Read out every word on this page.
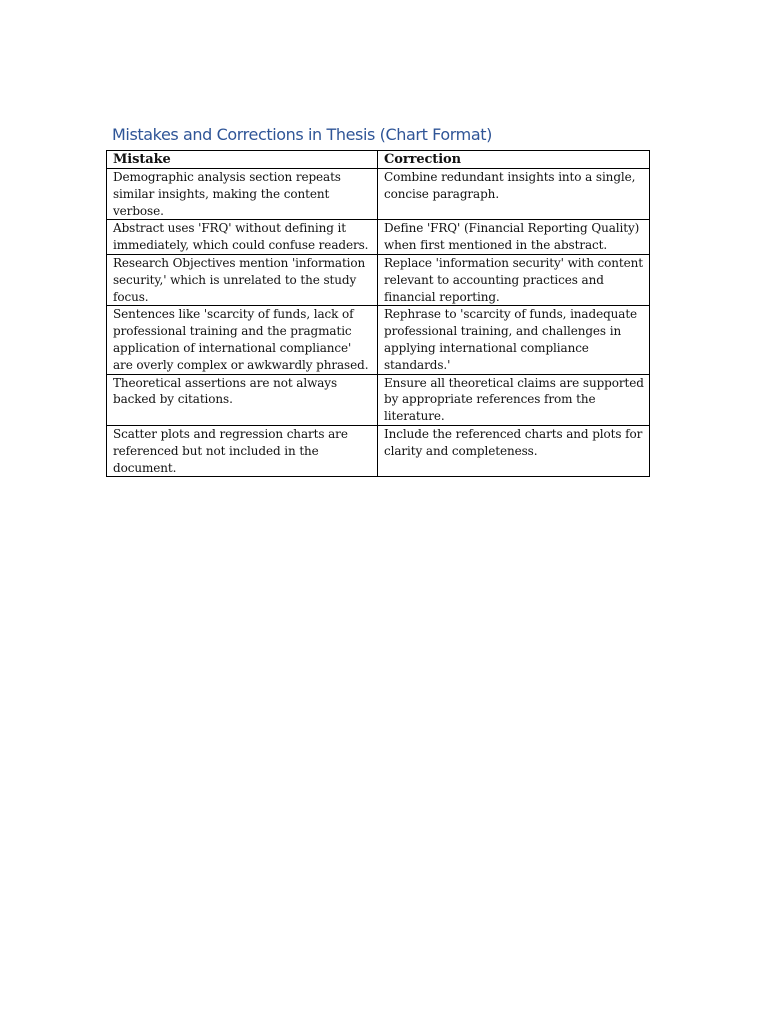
Mistakes and Corrections in Thesis (Chart Format)
Mistake	Correction
Demographic analysis section repeats similar insights, making the content verbose.	Combine redundant insights into a single, concise paragraph.
Abstract uses 'FRQ' without defining it immediately, which could confuse readers.	Define 'FRQ' (Financial Reporting Quality) when first mentioned in the abstract.
Research Objectives mention 'information security,' which is unrelated to the study focus.	Replace 'information security' with content relevant to accounting practices and financial reporting.
Sentences like 'scarcity of funds, lack of professional training and the pragmatic application of international compliance' are overly complex or awkwardly phrased.	Rephrase to 'scarcity of funds, inadequate professional training, and challenges in applying international compliance standards.'
Theoretical assertions are not always backed by citations.	Ensure all theoretical claims are supported by appropriate references from the literature.
Scatter plots and regression charts are referenced but not included in the document.	Include the referenced charts and plots for clarity and completeness.
